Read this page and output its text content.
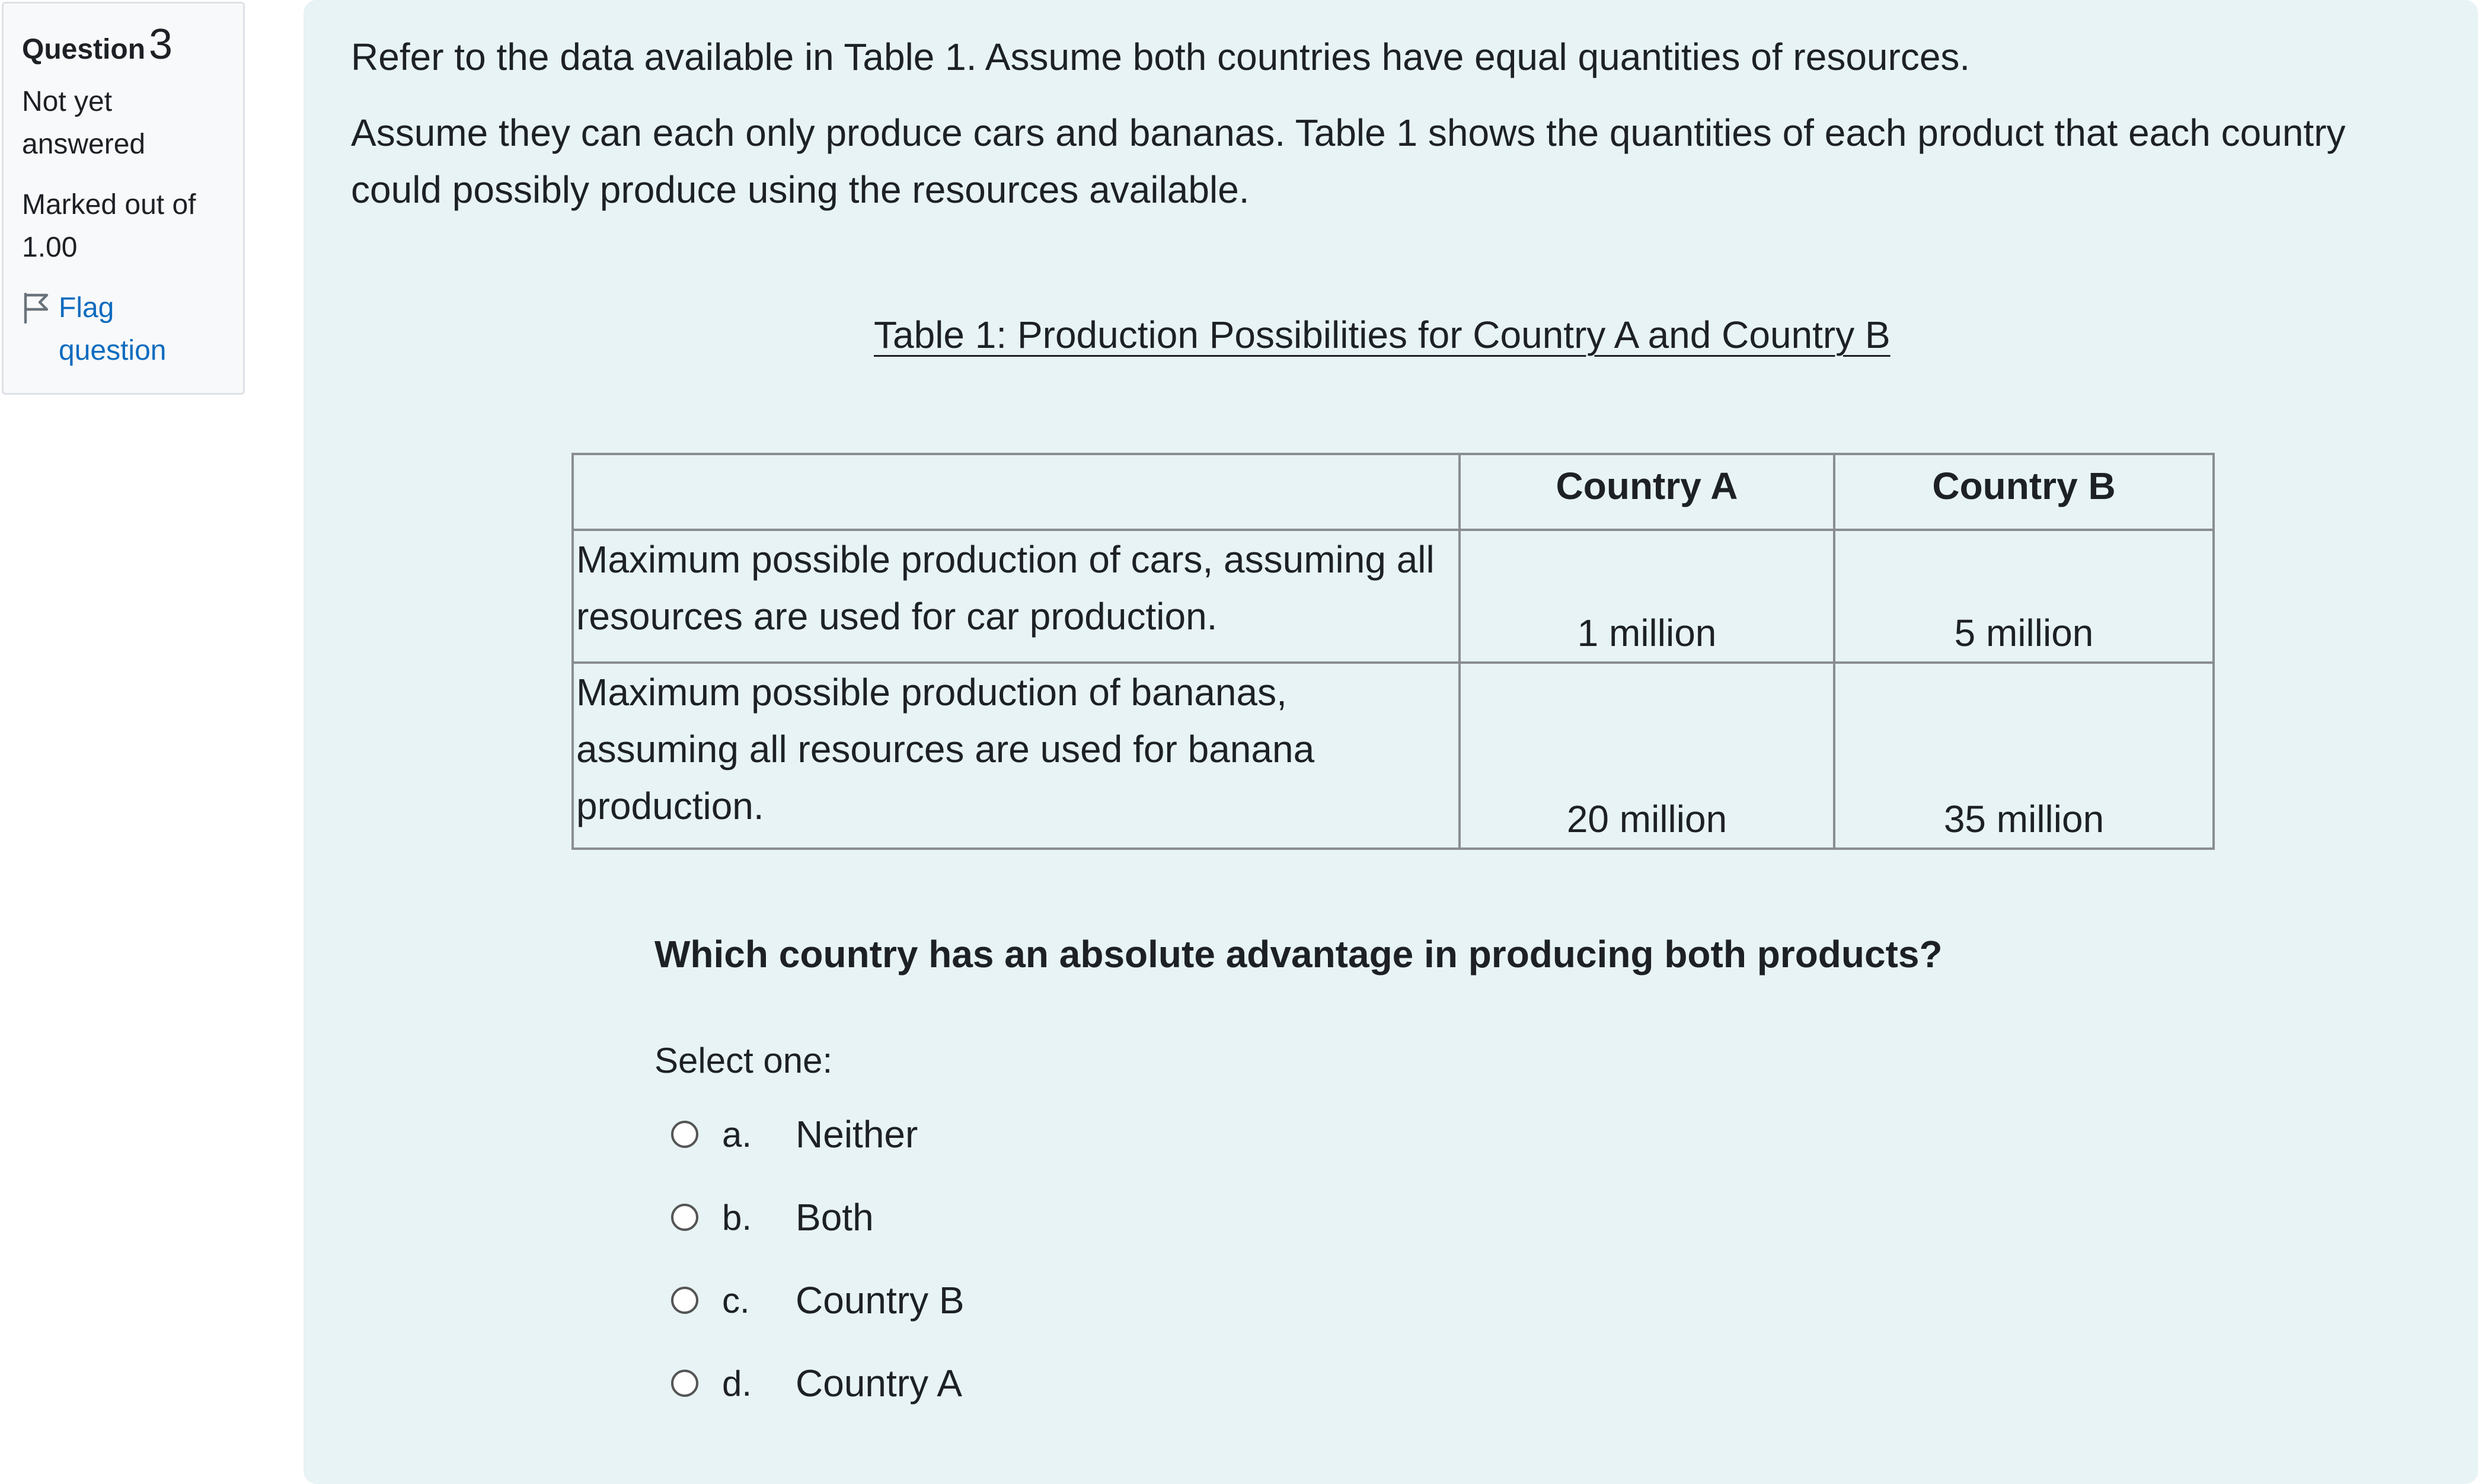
Question3
Not yet answered
Marked out of 1.00
Flag question

Refer to the data available in Table 1. Assume both countries have equal quantities of resources.

Assume they can each only produce cars and bananas. Table 1 shows the quantities of each product that each country could possibly produce using the resources available.

Table 1: Production Possibilities for Country A and Country B

	Country A	Country B
Maximum possible production of cars, assuming all resources are used for car production.	1 million	5 million
Maximum possible production of bananas, assuming all resources are used for banana production.	20 million	35 million

Which country has an absolute advantage in producing both products?

Select one:

a.	Neither
b.	Both
c.	Country B
d.	Country A
